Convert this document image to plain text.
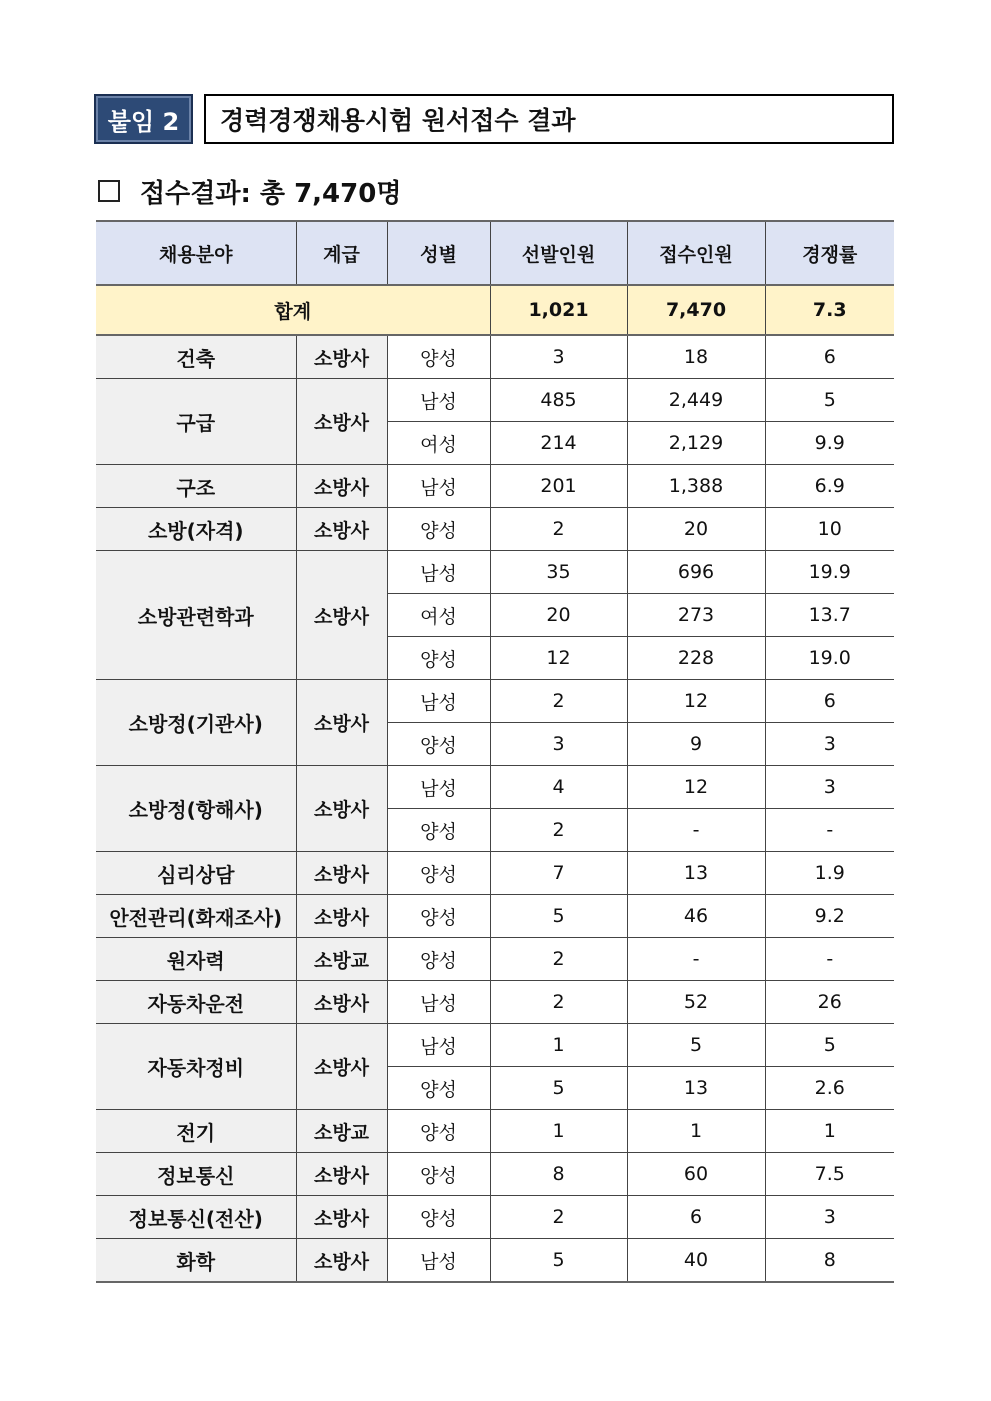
붙임 2	경력경쟁채용시험 원서접수 결과
접수결과: 총 7,470명
채용분야	계급	성별	선발인원	접수인원	경쟁률
합계			1,021	7,470	7.3
건축	소방사	양성	3	18	6
구급	소방사	남성	485	2,449	5
		여성	214	2,129	9.9
구조	소방사	남성	201	1,388	6.9
소방(자격)	소방사	양성	2	20	10
소방관련학과	소방사	남성	35	696	19.9
		여성	20	273	13.7
		양성	12	228	19.0
소방정(기관사)	소방사	남성	2	12	6
		양성	3	9	3
소방정(항해사)	소방사	남성	4	12	3
		양성	2	-	-
심리상담	소방사	양성	7	13	1.9
안전관리(화재조사)	소방사	양성	5	46	9.2
원자력	소방교	양성	2	-	-
자동차운전	소방사	남성	2	52	26
자동차정비	소방사	남성	1	5	5
		양성	5	13	2.6
전기	소방교	양성	1	1	1
정보통신	소방사	양성	8	60	7.5
정보통신(전산)	소방사	양성	2	6	3
화학	소방사	남성	5	40	8
